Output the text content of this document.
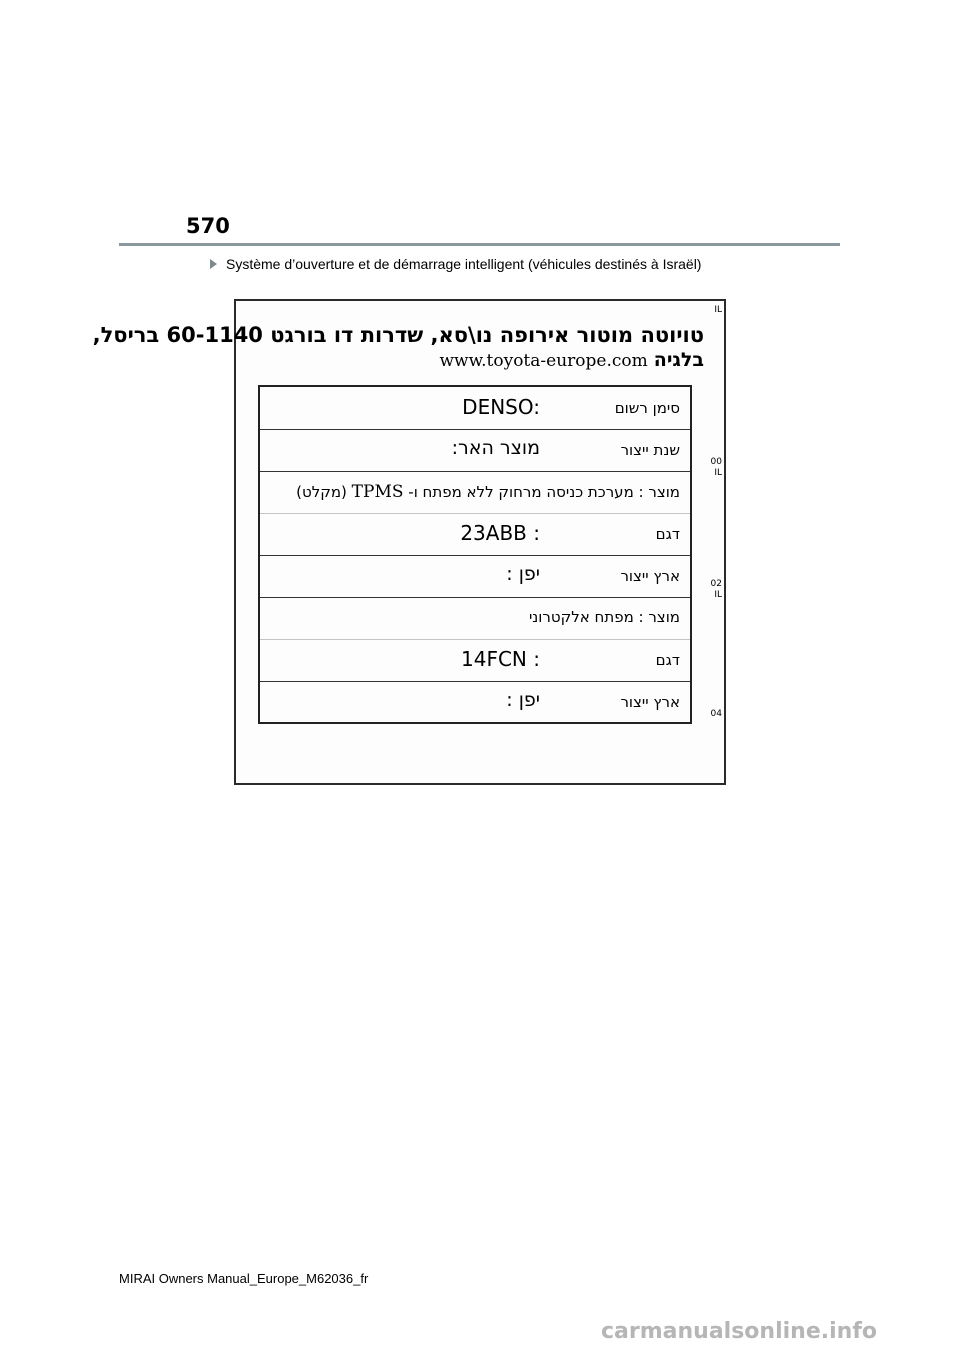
570
Système d’ouverture et de démarrage intelligent (véhicules destinés à Israël)
טויוטה מוטור אירופה נו\סא, שדרות דו בורגט 60-1140 בריסל,
בלגיה www.toyota-europe.com
סימן רשום
DENSO:
שנת ייצור
מוצר האר:
מוצר : מערכת כניסה מרחוק ללא מפתח ו- TPMS (מקלט)
דגם
23ABB :
ארץ ייצור
יפן :
מוצר : מפתח אלקטרוני
דגם
14FCN :
ארץ ייצור
יפן :
IL
00
IL
02
IL
04
MIRAI Owners Manual_Europe_M62036_fr
carmanualsonline.info
